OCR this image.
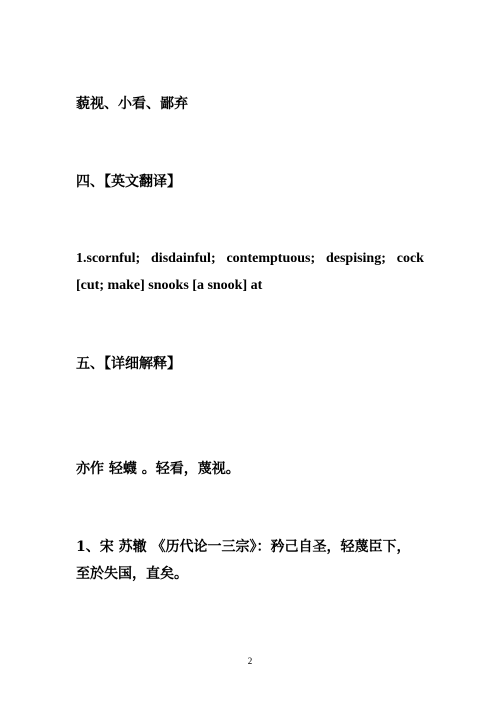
藐视、小看、鄙弃
四、【英文翻译】
1.scornful; disdainful; contemptuous; despising; cock
[cut; make] snooks [a snook] at
五、【详细解释】
亦作 轻蠛 。轻看，蔑视。
1、宋 苏辙 《历代论一三宗》：矜己自圣，轻蔑臣下，
至於失国，直矣。
2
